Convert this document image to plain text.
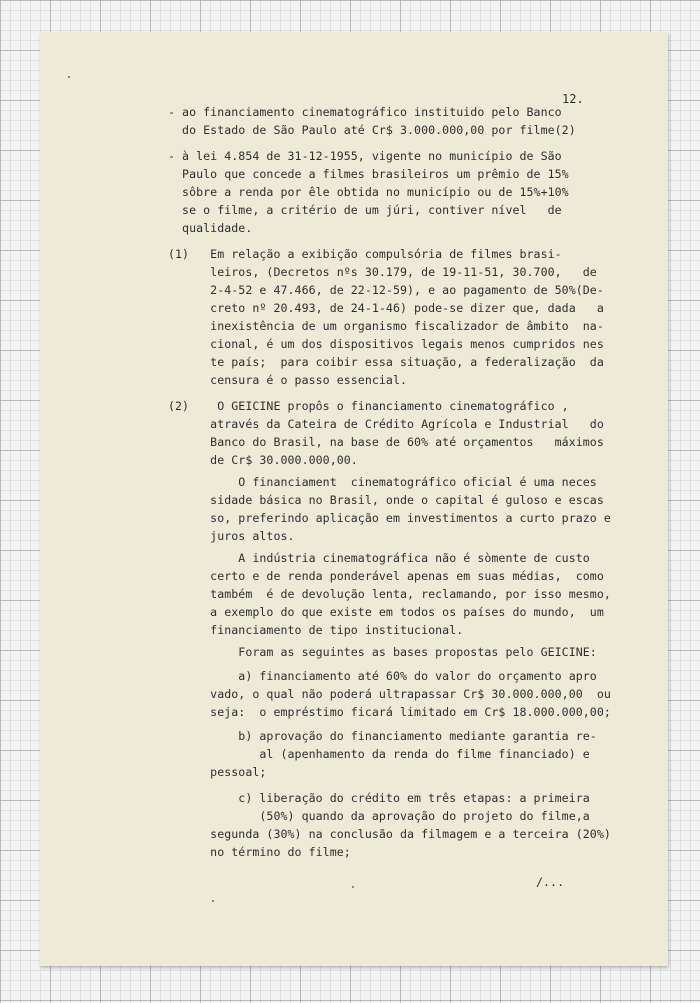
12.
- ao financiamento cinematográfico instituido pelo Banco
do Estado de São Paulo até Cr$ 3.000.000,00 por filme(2)
- à lei 4.854 de 31-12-1955, vigente no município de São
Paulo que concede a filmes brasileiros um prêmio de 15%
sôbre a renda por êle obtida no município ou de 15%+10%
se o filme, a critério de um júri, contiver nível   de
qualidade.
(1)   Em relação a exibição compulsória de filmes brasi-
leiros, (Decretos nºs 30.179, de 19-11-51, 30.700,   de
2-4-52 e 47.466, de 22-12-59), e ao pagamento de 50%(De-
creto nº 20.493, de 24-1-46) pode-se dizer que, dada   a
inexistência de um organismo fiscalizador de âmbito  na-
cional, é um dos dispositivos legais menos cumpridos nes
te país;  para coibir essa situação, a federalização  da
censura é o passo essencial.
(2)    O GEICINE propôs o financiamento cinematográfico ,
através da Cateira de Crédito Agrícola e Industrial   do
Banco do Brasil, na base de 60% até orçamentos   máximos
de Cr$ 30.000.000,00.
O financiament  cinematográfico oficial é uma neces
sidade básica no Brasil, onde o capital é guloso e escas
so, preferindo aplicação em investimentos a curto prazo e
juros altos.
A indústria cinematográfica não é sòmente de custo
certo e de renda ponderável apenas em suas médias,  como
também  é de devolução lenta, reclamando, por isso mesmo,
a exemplo do que existe em todos os países do mundo,  um
financiamento de tipo institucional.
Foram as seguintes as bases propostas pelo GEICINE:
a) financiamento até 60% do valor do orçamento apro
vado, o qual não poderá ultrapassar Cr$ 30.000.000,00  ou
seja:  o empréstimo ficará limitado em Cr$ 18.000.000,00;
b) aprovação do financiamento mediante garantia re-
al (apenhamento da renda do filme financiado) e
pessoal;
c) liberação do crédito em três etapas: a primeira
(50%) quando da aprovação do projeto do filme,a
segunda (30%) na conclusão da filmagem e a terceira (20%)
no término do filme;
/...
